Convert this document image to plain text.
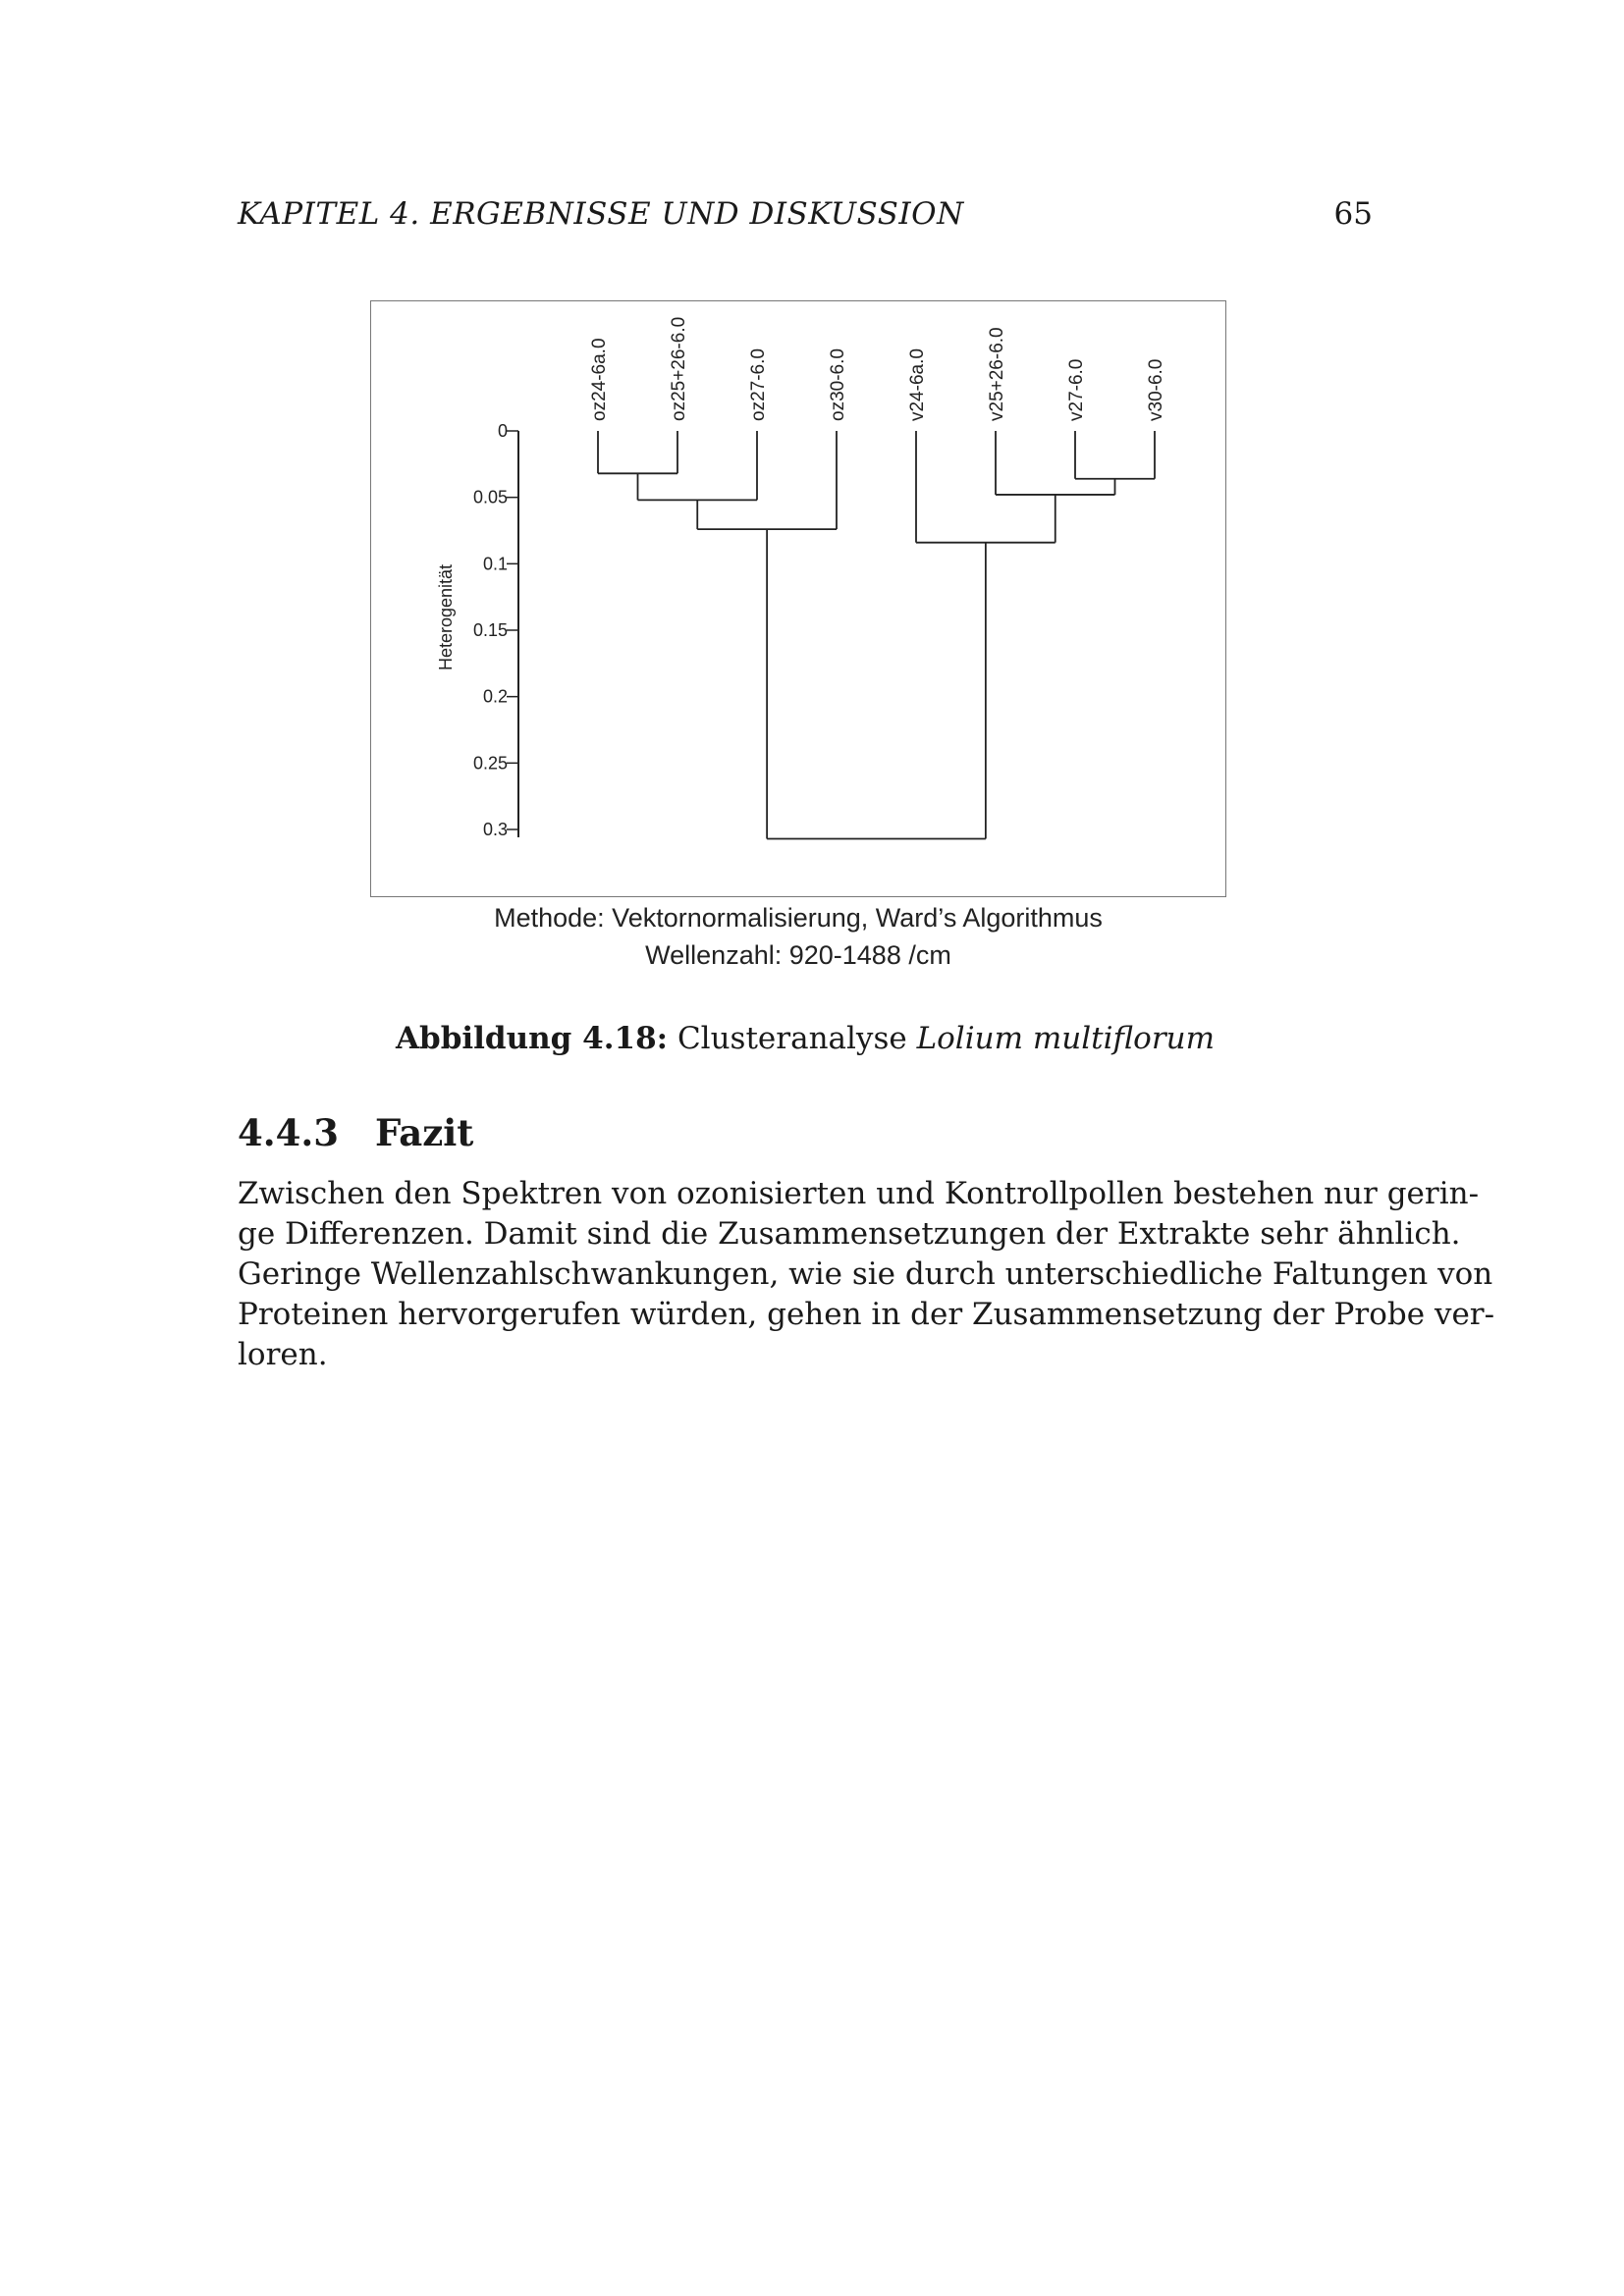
KAPITEL 4. ERGEBNISSE UND DISKUSSION	65
0
0.05
0.1
0.15
0.2
0.25
0.3
Heterogenität
oz24-6a.0	oz25+26-6.0	oz27-6.0	oz30-6.0	v24-6a.0	v25+26-6.0	v27-6.0	v30-6.0
Methode: Vektornormalisierung, Ward’s Algorithmus
Wellenzahl: 920-1488 /cm
Abbildung 4.18: Clusteranalyse Lolium multiflorum
4.4.3 Fazit
Zwischen den Spektren von ozonisierten und Kontrollpollen bestehen nur gerin-
ge Differenzen. Damit sind die Zusammensetzungen der Extrakte sehr ähnlich.
Geringe Wellenzahlschwankungen, wie sie durch unterschiedliche Faltungen von
Proteinen hervorgerufen würden, gehen in der Zusammensetzung der Probe ver-
loren.
